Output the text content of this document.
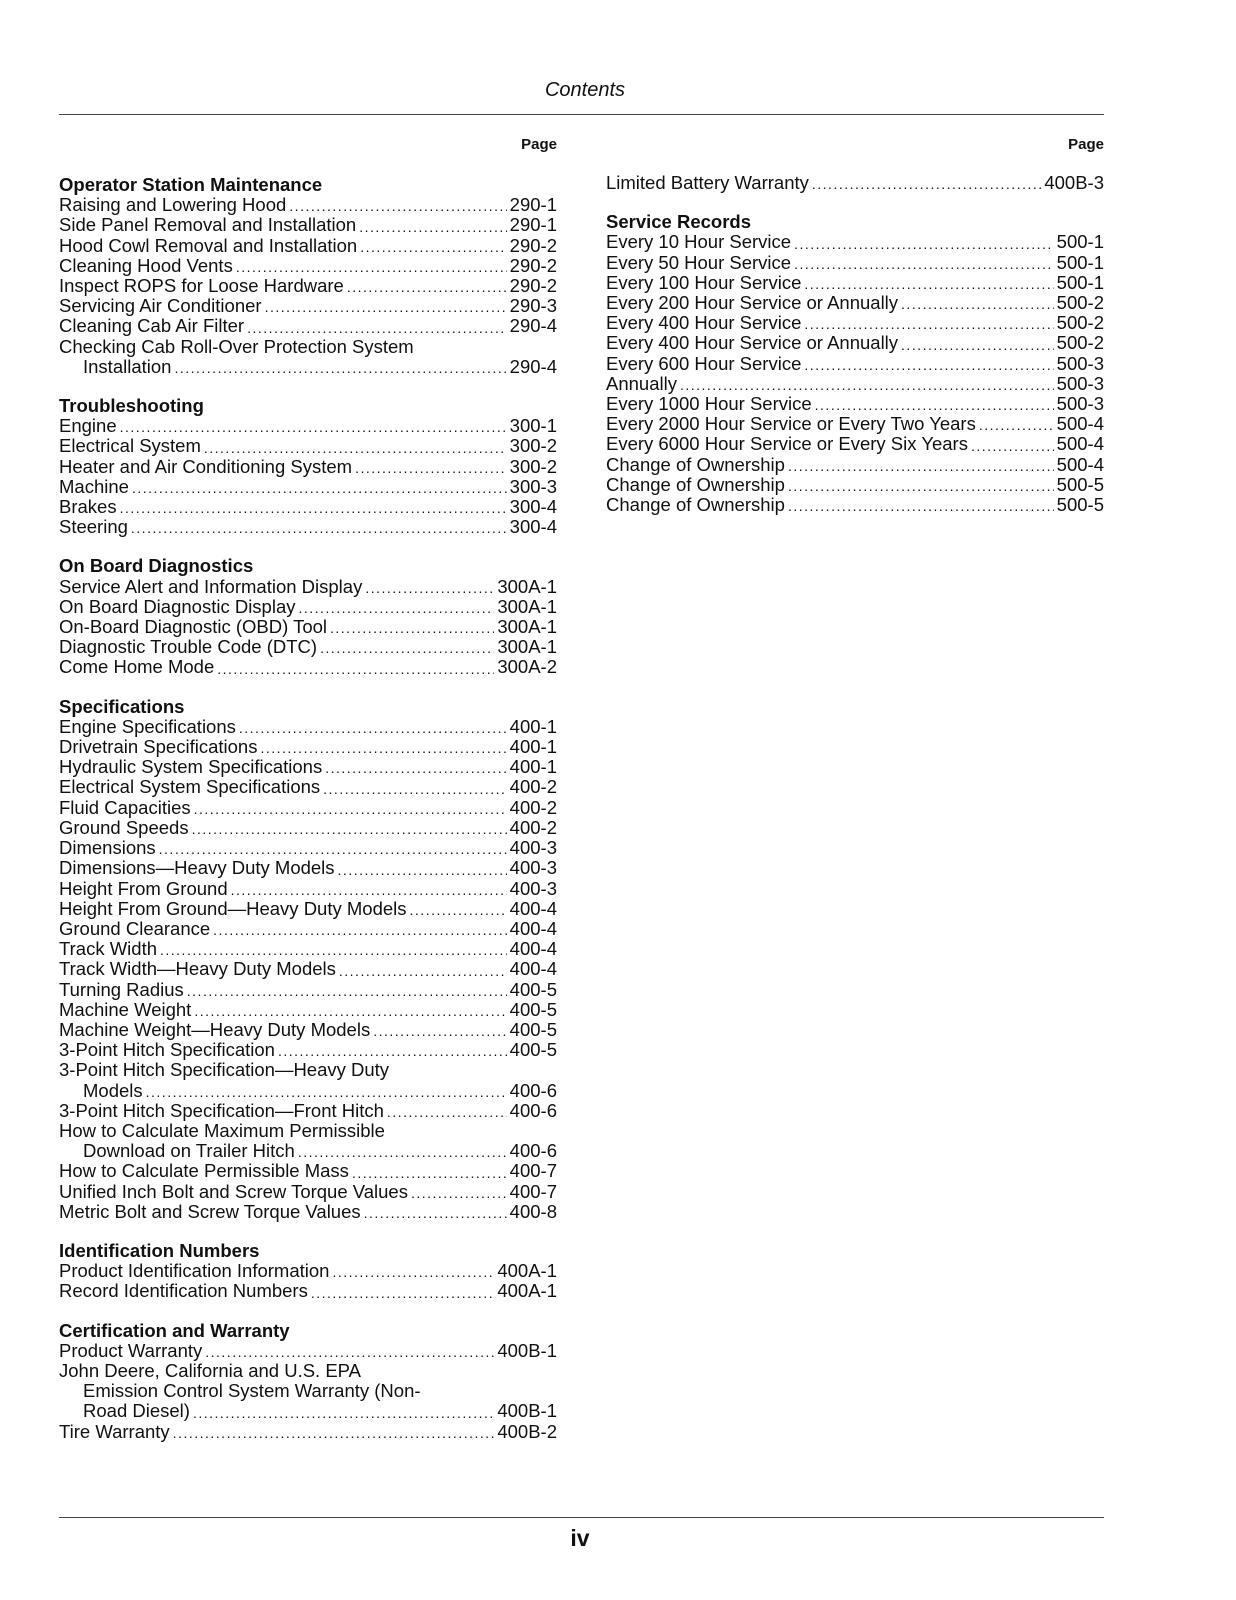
Contents
Page
Operator Station Maintenance
Raising and Lowering Hood .....	290-1
Side Panel Removal and Installation .....	290-1
Hood Cowl Removal and Installation .....	290-2
Cleaning Hood Vents .....	290-2
Inspect ROPS for Loose Hardware .....	290-2
Servicing Air Conditioner .....	290-3
Cleaning Cab Air Filter .....	290-4
Checking Cab Roll-Over Protection System
Installation .....	290-4
Troubleshooting
Engine .....	300-1
Electrical System .....	300-2
Heater and Air Conditioning System .....	300-2
Machine .....	300-3
Brakes .....	300-4
Steering .....	300-4
On Board Diagnostics
Service Alert and Information Display .....	300A-1
On Board Diagnostic Display .....	300A-1
On-Board Diagnostic (OBD) Tool .....	300A-1
Diagnostic Trouble Code (DTC) .....	300A-1
Come Home Mode .....	300A-2
Specifications
Engine Specifications .....	400-1
Drivetrain Specifications .....	400-1
Hydraulic System Specifications .....	400-1
Electrical System Specifications .....	400-2
Fluid Capacities .....	400-2
Ground Speeds .....	400-2
Dimensions .....	400-3
Dimensions—Heavy Duty Models .....	400-3
Height From Ground .....	400-3
Height From Ground—Heavy Duty Models .....	400-4
Ground Clearance .....	400-4
Track Width .....	400-4
Track Width—Heavy Duty Models .....	400-4
Turning Radius .....	400-5
Machine Weight .....	400-5
Machine Weight—Heavy Duty Models .....	400-5
3-Point Hitch Specification .....	400-5
3-Point Hitch Specification—Heavy Duty
Models .....	400-6
3-Point Hitch Specification—Front Hitch .....	400-6
How to Calculate Maximum Permissible
Download on Trailer Hitch .....	400-6
How to Calculate Permissible Mass .....	400-7
Unified Inch Bolt and Screw Torque Values .....	400-7
Metric Bolt and Screw Torque Values .....	400-8
Identification Numbers
Product Identification Information .....	400A-1
Record Identification Numbers .....	400A-1
Certification and Warranty
Product Warranty .....	400B-1
John Deere, California and U.S. EPA
Emission Control System Warranty (Non-
Road Diesel) .....	400B-1
Tire Warranty .....	400B-2
Page
Limited Battery Warranty .....	400B-3
Service Records
Every 10 Hour Service .....	500-1
Every 50 Hour Service .....	500-1
Every 100 Hour Service .....	500-1
Every 200 Hour Service or Annually .....	500-2
Every 400 Hour Service .....	500-2
Every 400 Hour Service or Annually .....	500-2
Every 600 Hour Service .....	500-3
Annually .....	500-3
Every 1000 Hour Service .....	500-3
Every 2000 Hour Service or Every Two Years .....	500-4
Every 6000 Hour Service or Every Six Years .....	500-4
Change of Ownership .....	500-4
Change of Ownership .....	500-5
Change of Ownership .....	500-5
iv
